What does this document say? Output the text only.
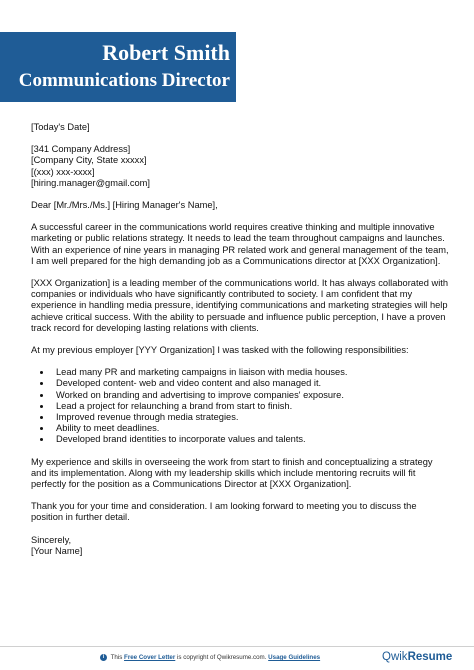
Robert Smith
Communications Director

[Today's Date]

[341 Company Address]

[Company City, State xxxxx]

[(xxx) xxx-xxxx]

[hiring.manager@gmail.com]

Dear [Mr./Mrs./Ms.] [Hiring Manager's Name],

A successful career in the communications world requires creative thinking and multiple innovative marketing or public relations strategy. It needs to lead the team throughout campaigns and launches. With an experience of nine years in managing PR related work and general management of the team, I am well prepared for the high demanding job as a Communications director at [XXX Organization].

[XXX Organization] is a leading member of the communications world. It has always collaborated with companies or individuals who have significantly contributed to society. I am confident that my experience in handling media pressure, identifying communications and marketing strategies will help achieve critical success. With the ability to persuade and influence public perception, I have a proven track record for developing lasting relations with clients.

At my previous employer [YYY Organization] I was tasked with the following responsibilities:

• Lead many PR and marketing campaigns in liaison with media houses.
• Developed content- web and video content and also managed it.
• Worked on branding and advertising to improve companies' exposure.
• Lead a project for relaunching a brand from start to finish.
• Improved revenue through media strategies.
• Ability to meet deadlines.
• Developed brand identities to incorporate values and talents.

My experience and skills in overseeing the work from start to finish and conceptualizing a strategy and its implementation. Along with my leadership skills which include mentoring recruits will fit perfectly for the position as a Communications Director at [XXX Organization].

Thank you for your time and consideration. I am looking forward to meeting you to discuss the position in further detail.

Sincerely,

[Your Name]

i This Free Cover Letter is copyright of Qwikresume.com. Usage Guidelines	QwikResume
